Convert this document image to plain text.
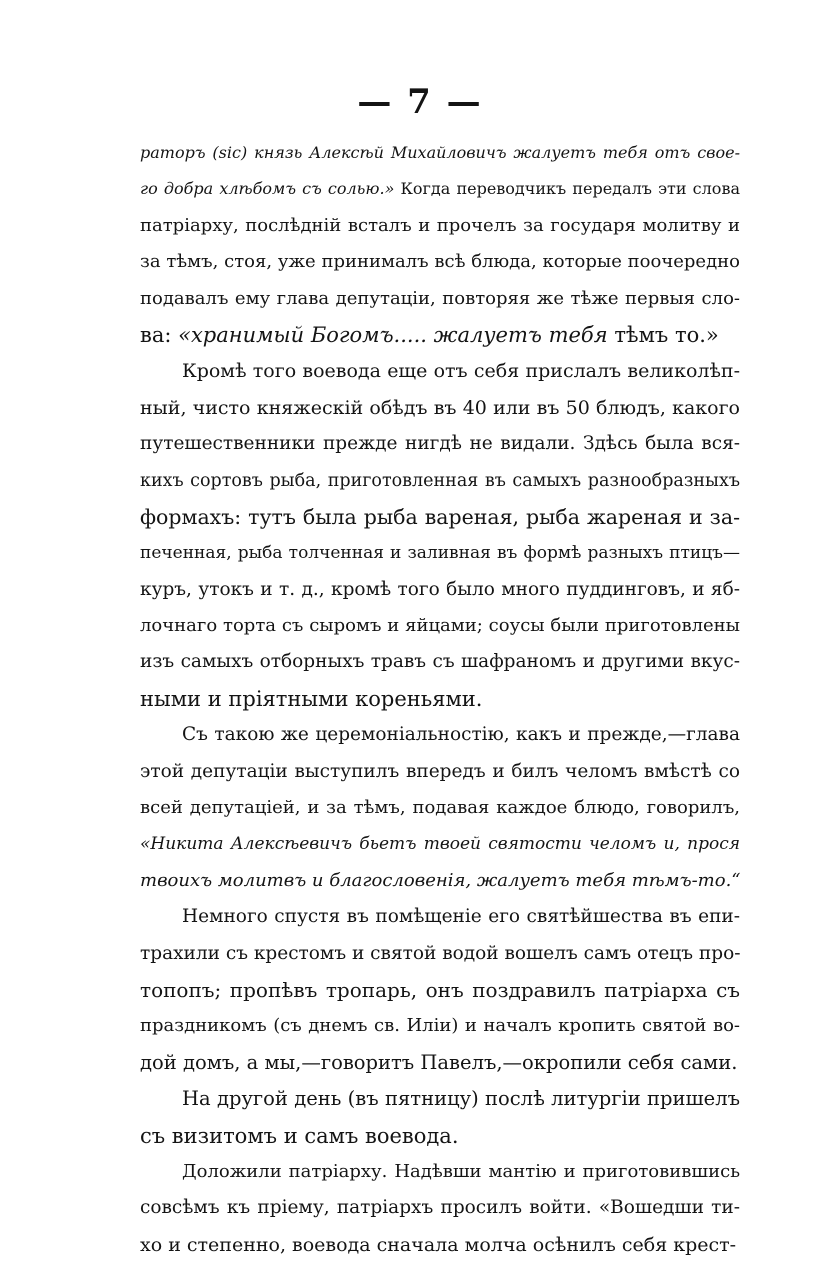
— 7 —
раторъ (sic) князь Алексѣй Михайловичъ жалуетъ тебя отъ свое-
го добра хлѣбомъ съ солью.» Когда переводчикъ передалъ эти слова
патріарху, послѣдній всталъ и прочелъ за государя молитву и
за тѣмъ, стоя, уже принималъ всѣ блюда, которые поочередно
подавалъ ему глава депутаціи, повторяя же тѣже первыя сло-
ва: «хранимый Богомъ..... жалуетъ тебя тѣмъ то.»
Кромѣ того воевода еще отъ себя прислалъ великолѣп-
ный, чисто княжескій обѣдъ въ 40 или въ 50 блюдъ, какого
путешественники прежде нигдѣ не видали. Здѣсь была вся-
кихъ сортовъ рыба, приготовленная въ самыхъ разнообразныхъ
формахъ: тутъ была рыба вареная, рыба жареная и за-
печенная, рыба толченная и заливная въ формѣ разныхъ птицъ—
куръ, утокъ и т. д., кромѣ того было много пуддинговъ, и яб-
лочнаго торта съ сыромъ и яйцами; соусы были приготовлены
изъ самыхъ отборныхъ травъ съ шафраномъ и другими вкус-
ными и пріятными кореньями.
Съ такою же церемоніальностію, какъ и прежде,—глава
этой депутаціи выступилъ впередъ и билъ челомъ вмѣстѣ со
всей депутаціей, и за тѣмъ, подавая каждое блюдо, говорилъ,
«Никита Алексѣевичъ бьетъ твоей святости челомъ и, прося
твоихъ молитвъ и благословенія, жалуетъ тебя тѣмъ-то.“
Немного спустя въ помѣщеніе его святѣйшества въ епи-
трахили съ крестомъ и святой водой вошелъ самъ отецъ про-
топопъ; пропѣвъ тропарь, онъ поздравилъ патріарха съ
праздникомъ (съ днемъ св. Иліи) и началъ кропить святой во-
дой домъ, а мы,—говоритъ Павелъ,—окропили себя сами.
На другой день (въ пятницу) послѣ литургіи пришелъ
съ визитомъ и самъ воевода.
Доложили патріарху. Надѣвши мантію и приготовившись
совсѣмъ къ пріему, патріархъ просилъ войти. «Вошедши ти-
хо и степенно, воевода сначала молча осѣнилъ себя крест-
